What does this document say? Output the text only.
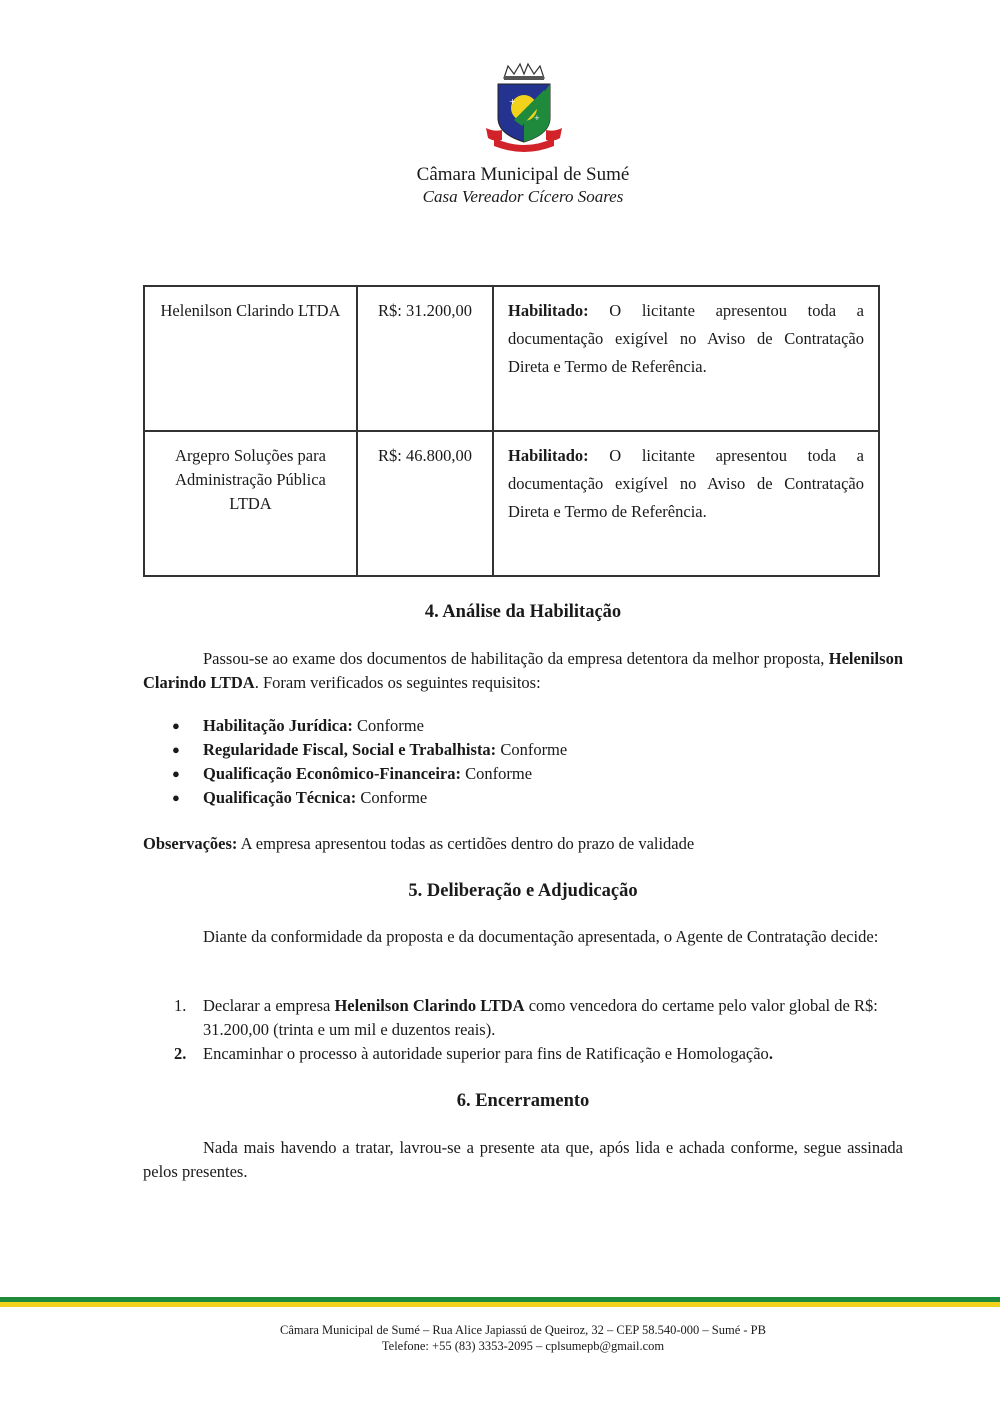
+
+
Câmara Municipal de Sumé
Casa Vereador Cícero Soares
Helenilson Clarindo LTDA	R$: 31.200,00	Habilitado: O licitante apresentou toda a documentação exigível no Aviso de Contratação Direta e Termo de Referência.
Argepro Soluções para Administração Pública LTDA	R$: 46.800,00	Habilitado: O licitante apresentou toda a documentação exigível no Aviso de Contratação Direta e Termo de Referência.
4. Análise da Habilitação
Passou-se ao exame dos documentos de habilitação da empresa detentora da melhor proposta, Helenilson Clarindo LTDA. Foram verificados os seguintes requisitos:
● Habilitação Jurídica: Conforme
● Regularidade Fiscal, Social e Trabalhista: Conforme
● Qualificação Econômico-Financeira: Conforme
● Qualificação Técnica: Conforme
Observações: A empresa apresentou todas as certidões dentro do prazo de validade
5. Deliberação e Adjudicação
Diante da conformidade da proposta e da documentação apresentada, o Agente de Contratação decide:
1. Declarar a empresa Helenilson Clarindo LTDA como vencedora do certame pelo valor global de R$: 31.200,00 (trinta e um mil e duzentos reais).
2. Encaminhar o processo à autoridade superior para fins de Ratificação e Homologação.
6. Encerramento
Nada mais havendo a tratar, lavrou-se a presente ata que, após lida e achada conforme, segue assinada pelos presentes.
Câmara Municipal de Sumé – Rua Alice Japiassú de Queiroz, 32 – CEP 58.540-000 – Sumé - PB
Telefone: +55 (83) 3353-2095 – cplsumepb@gmail.com
